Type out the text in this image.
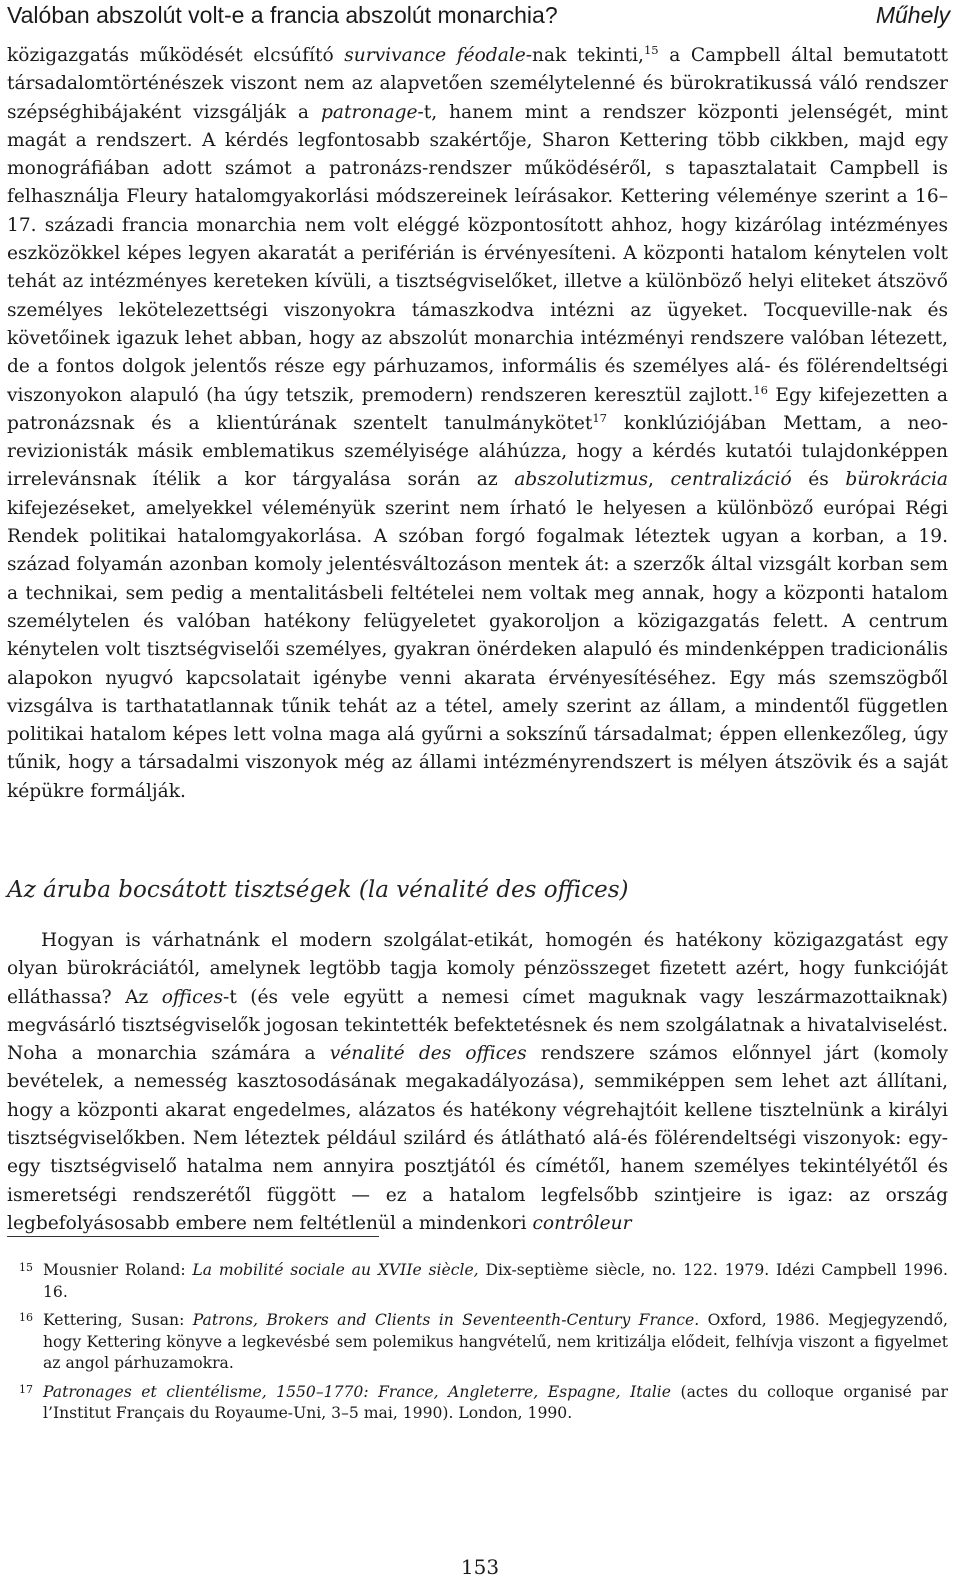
Valóban abszolút volt-e a francia abszolút monarchia?	Műhely

közigazgatás működését elcsúfító survivance féodale-nak tekinti,$^{15}$ a Campbell által bemutatott társadalomtörténészek viszont nem az alapvetően személytelenné és bürokratikussá váló rendszer szépséghibájaként vizsgálják a patronage-t, hanem mint a rendszer központi jelenségét, mint magát a rendszert. A kérdés legfontosabb szakértője, Sharon Kettering több cikkben, majd egy monográfiában adott számot a patronázs-rendszer működéséről, s tapasztalatait Campbell is felhasználja Fleury hatalomgyakorlási módszereinek leírásakor. Kettering véleménye szerint a 16–17. századi francia monarchia nem volt eléggé központosított ahhoz, hogy kizárólag intézményes eszközökkel képes legyen akaratát a periférián is érvényesíteni. A központi hatalom kénytelen volt tehát az intézményes kereteken kívüli, a tisztségviselőket, illetve a különböző helyi eliteket átszövő személyes lekötelezettségi viszonyokra támaszkodva intézni az ügyeket. Tocqueville-nak és követőinek igazuk lehet abban, hogy az abszolút monarchia intézményi rendszere valóban létezett, de a fontos dolgok jelentős része egy párhuzamos, informális és személyes alá- és fölérendeltségi viszonyokon alapuló (ha úgy tetszik, premodern) rendszeren keresztül zajlott.$^{16}$ Egy kifejezetten a patronázsnak és a klientúrának szentelt tanulmánykötet$^{17}$ konklúziójában Mettam, a neo-revizionisták másik emblematikus személyisége aláhúzza, hogy a kérdés kutatói tulajdonképpen irrelevánsnak ítélik a kor tárgyalása során az abszolutizmus, centralizáció és bürokrácia kifejezéseket, amelyekkel véleményük szerint nem írható le helyesen a különböző európai Régi Rendek politikai hatalomgyakorlása. A szóban forgó fogalmak léteztek ugyan a korban, a 19. század folyamán azonban komoly jelentésváltozáson mentek át: a szerzők által vizsgált korban sem a technikai, sem pedig a mentalitásbeli feltételei nem voltak meg annak, hogy a központi hatalom személytelen és valóban hatékony felügyeletet gyakoroljon a közigazgatás felett. A centrum kénytelen volt tisztségviselői személyes, gyakran önérdeken alapuló és mindenképpen tradicionális alapokon nyugvó kapcsolatait igénybe venni akarata érvényesítéséhez. Egy más szemszögből vizsgálva is tarthatatlannak tűnik tehát az a tétel, amely szerint az állam, a mindentől független politikai hatalom képes lett volna maga alá gyűrni a sokszínű társadalmat; éppen ellenkezőleg, úgy tűnik, hogy a társadalmi viszonyok még az állami intézményrendszert is mélyen átszövik és a saját képükre formálják.

Az áruba bocsátott tisztségek (la vénalité des offices)

Hogyan is várhatnánk el modern szolgálat-etikát, homogén és hatékony közigazgatást egy olyan bürokráciától, amelynek legtöbb tagja komoly pénzösszeget fizetett azért, hogy funkcióját elláthassa? Az offices-t (és vele együtt a nemesi címet maguknak vagy leszármazottaiknak) megvásárló tisztségviselők jogosan tekintették befektetésnek és nem szolgálatnak a hivatalviselést. Noha a monarchia számára a vénalité des offices rendszere számos előnnyel járt (komoly bevételek, a nemesség kasztosodásának megakadályozása), semmiképpen sem lehet azt állítani, hogy a központi akarat engedelmes, alázatos és hatékony végrehajtóit kellene tisztelnünk a királyi tisztségviselőkben. Nem léteztek például szilárd és átlátható alá-és fölérendeltségi viszonyok: egy-egy tisztségviselő hatalma nem annyira posztjától és címétől, hanem személyes tekintélyétől és ismeretségi rendszerétől függött — ez a hatalom legfelsőbb szintjeire is igaz: az ország legbefolyásosabb embere nem feltétlenül a mindenkori contrôleur

15 Mousnier Roland: La mobilité sociale au XVIIe siècle, Dix-septième siècle, no. 122. 1979. Idézi Campbell 1996. 16.
16 Kettering, Susan: Patrons, Brokers and Clients in Seventeenth-Century France. Oxford, 1986. Megjegyzendő, hogy Kettering könyve a legkevésbé sem polemikus hangvételű, nem kritizálja elődeit, felhívja viszont a figyelmet az angol párhuzamokra.
17 Patronages et clientélisme, 1550–1770: France, Angleterre, Espagne, Italie (actes du colloque organisé par l’Institut Français du Royaume-Uni, 3–5 mai, 1990). London, 1990.
153
